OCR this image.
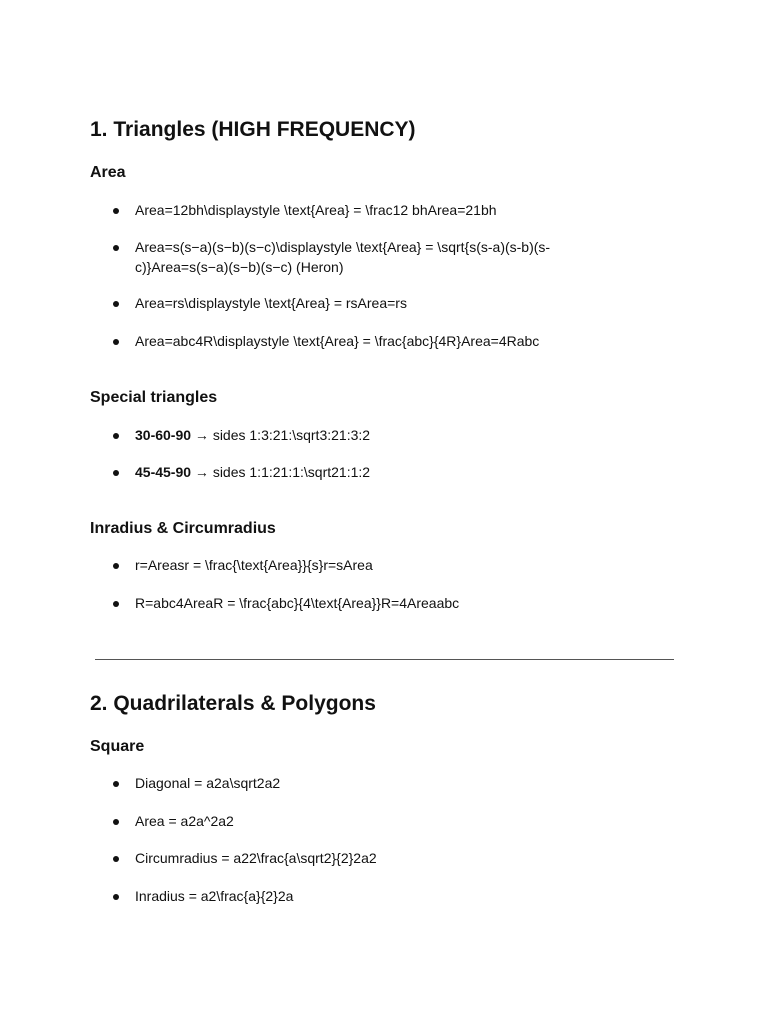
1. Triangles (HIGH FREQUENCY)
Area
Area=12bh\displaystyle \text{Area} = \frac12 bhArea=21bh
Area=s(s−a)(s−b)(s−c)\displaystyle \text{Area} = \sqrt{s(s-a)(s-b)(s-c)}Area=s(s−a)(s−b)(s−c) (Heron)
Area=rs\displaystyle \text{Area} = rsArea=rs
Area=abc4R\displaystyle \text{Area} = \frac{abc}{4R}Area=4Rabc
Special triangles
30-60-90 → sides 1:3:21:\sqrt3:21:3:2
45-45-90 → sides 1:1:21:1:\sqrt21:1:2
Inradius & Circumradius
r=Areasr = \frac{\text{Area}}{s}r=sArea
R=abc4AreaR = \frac{abc}{4\text{Area}}R=4Areaabc
2. Quadrilaterals & Polygons
Square
Diagonal = a2a\sqrt2a2
Area = a2a^2a2
Circumradius = a22\frac{a\sqrt2}{2}2a2
Inradius = a2\frac{a}{2}2a
